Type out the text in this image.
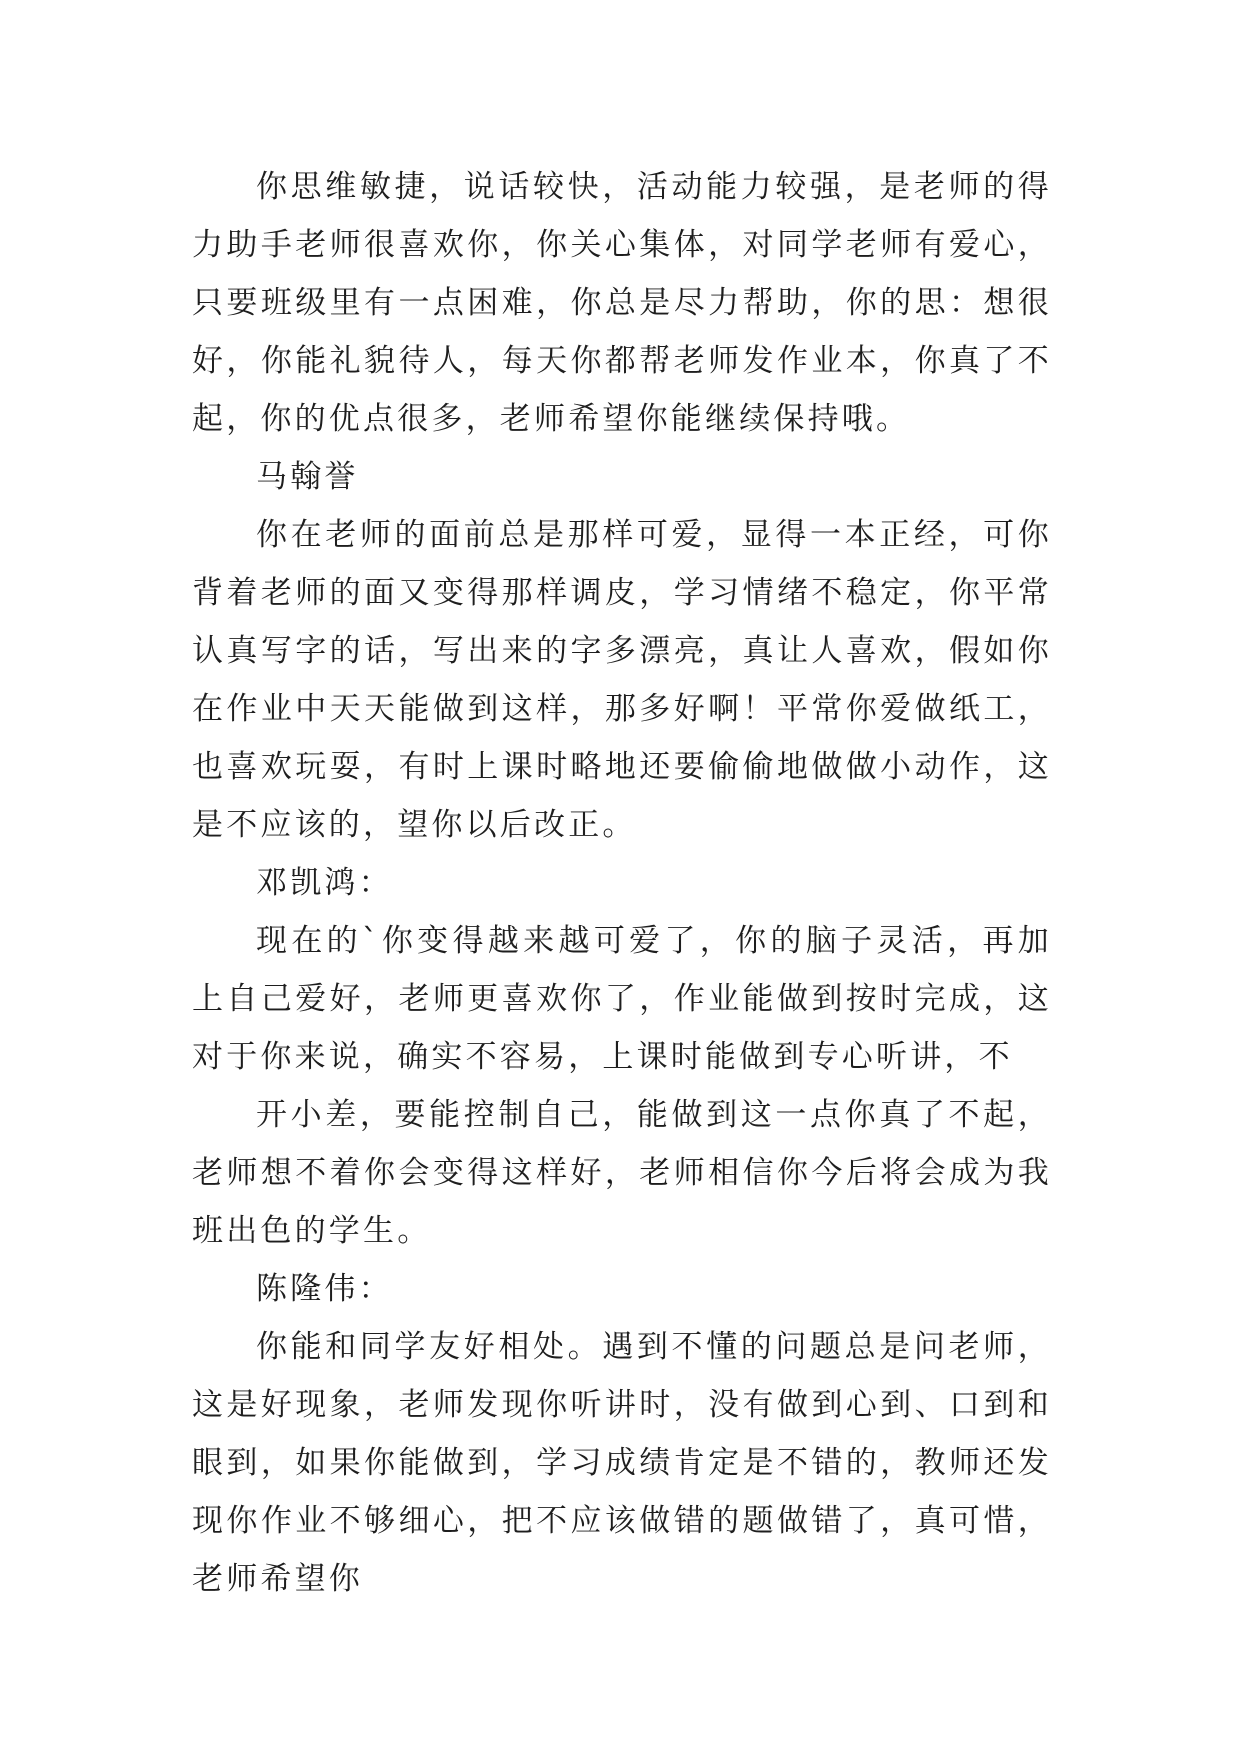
你思维敏捷，说话较快，活动能力较强，是老师的得力助手老师很喜欢你，你关心集体，对同学老师有爱心，只要班级里有一点困难，你总是尽力帮助，你的思：想很好，你能礼貌待人，每天你都帮老师发作业本，你真了不起，你的优点很多，老师希望你能继续保持哦。

马翰誉

你在老师的面前总是那样可爱，显得一本正经，可你背着老师的面又变得那样调皮，学习情绪不稳定，你平常认真写字的话，写出来的字多漂亮，真让人喜欢，假如你在作业中天天能做到这样，那多好啊！平常你爱做纸工，也喜欢玩耍，有时上课时略地还要偷偷地做做小动作，这是不应该的，望你以后改正。

邓凯鸿：

现在的`你变得越来越可爱了，你的脑子灵活，再加上自己爱好，老师更喜欢你了，作业能做到按时完成，这对于你来说，确实不容易，上课时能做到专心听讲，不

开小差，要能控制自己，能做到这一点你真了不起，老师想不着你会变得这样好，老师相信你今后将会成为我班出色的学生。

陈隆伟：

你能和同学友好相处。遇到不懂的问题总是问老师，这是好现象，老师发现你听讲时，没有做到心到、口到和眼到，如果你能做到，学习成绩肯定是不错的，教师还发现你作业不够细心，把不应该做错的题做错了，真可惜，老师希望你
